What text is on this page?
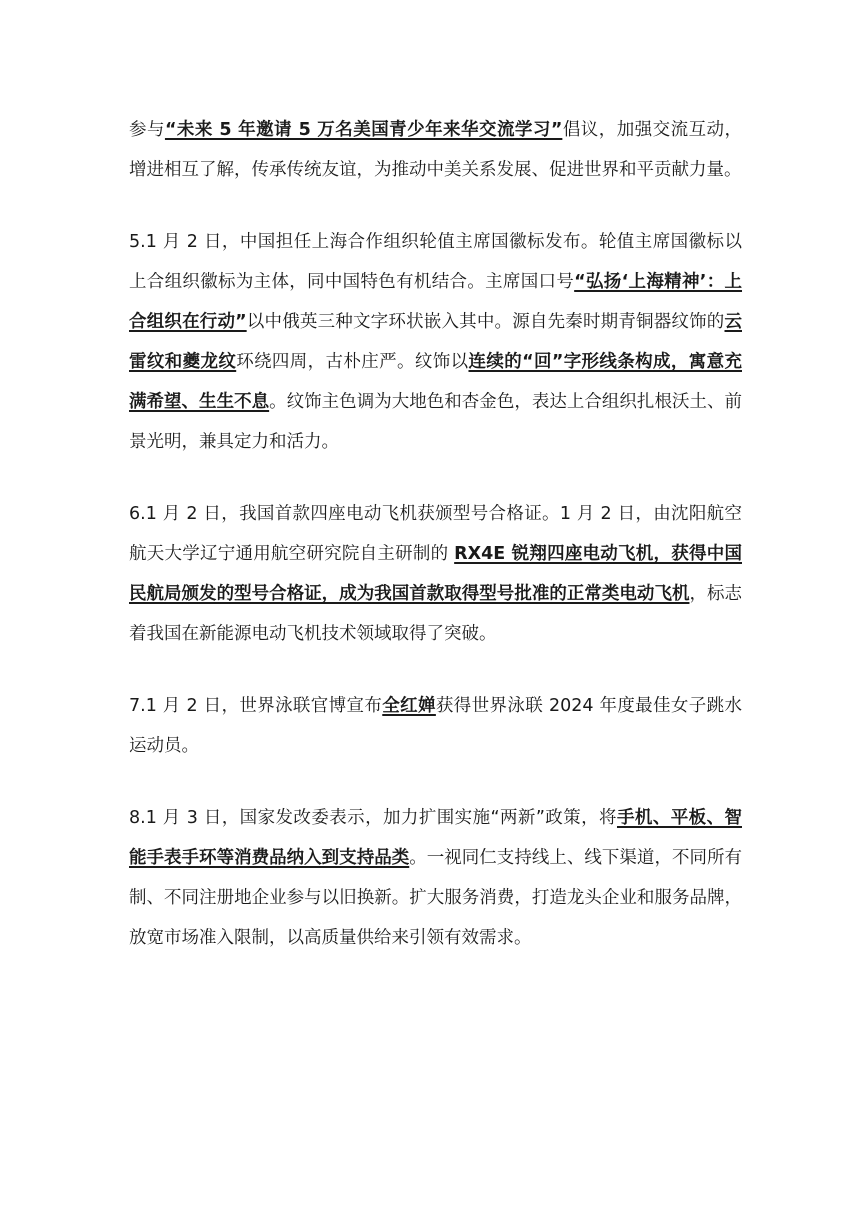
参与“未来 5 年邀请 5 万名美国青少年来华交流学习”倡议，加强交流互动，增进相互了解，传承传统友谊，为推动中美关系发展、促进世界和平贡献力量。

5.1 月 2 日，中国担任上海合作组织轮值主席国徽标发布。轮值主席国徽标以上合组织徽标为主体，同中国特色有机结合。主席国口号“弘扬‘上海精神’：上合组织在行动”以中俄英三种文字环状嵌入其中。源自先秦时期青铜器纹饰的云雷纹和夔龙纹环绕四周，古朴庄严。纹饰以连续的“回”字形线条构成，寓意充满希望、生生不息。纹饰主色调为大地色和杏金色，表达上合组织扎根沃土、前景光明，兼具定力和活力。

6.1 月 2 日，我国首款四座电动飞机获颁型号合格证。1 月 2 日，由沈阳航空航天大学辽宁通用航空研究院自主研制的 RX4E 锐翔四座电动飞机，获得中国民航局颁发的型号合格证，成为我国首款取得型号批准的正常类电动飞机，标志着我国在新能源电动飞机技术领域取得了突破。

7.1 月 2 日，世界泳联官博宣布全红婵获得世界泳联 2024 年度最佳女子跳水运动员。

8.1 月 3 日，国家发改委表示，加力扩围实施“两新”政策，将手机、平板、智能手表手环等消费品纳入到支持品类。一视同仁支持线上、线下渠道，不同所有制、不同注册地企业参与以旧换新。扩大服务消费，打造龙头企业和服务品牌，放宽市场准入限制，以高质量供给来引领有效需求。
